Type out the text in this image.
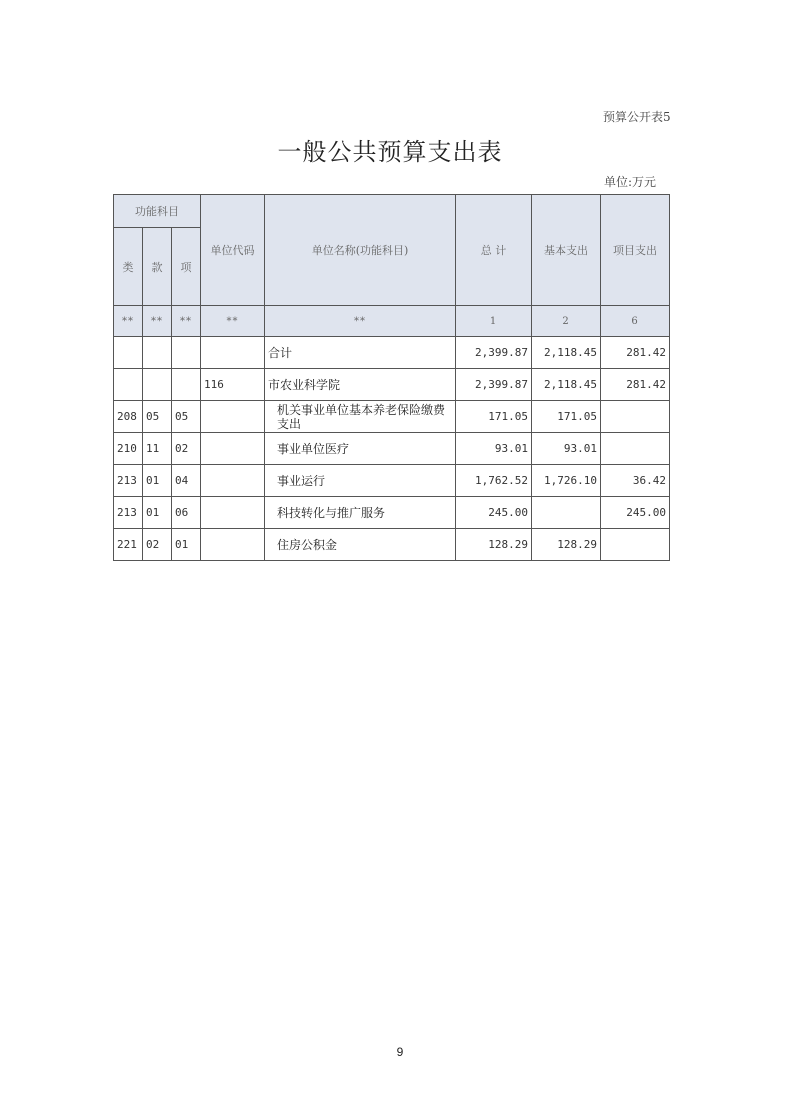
预算公开表5
一般公共预算支出表
单位:万元
功能科目			单位代码	单位名称(功能科目)	总 计	基本支出	项目支出
类	款	项					
**	**	**	**	**	1	2	6
				合计	2,399.87	2,118.45	281.42
			116	市农业科学院	2,399.87	2,118.45	281.42
208	05	05		机关事业单位基本养老保险缴费支出	171.05	171.05	
210	11	02		事业单位医疗	93.01	93.01	
213	01	04		事业运行	1,762.52	1,726.10	36.42
213	01	06		科技转化与推广服务	245.00		245.00
221	02	01		住房公积金	128.29	128.29	
9
